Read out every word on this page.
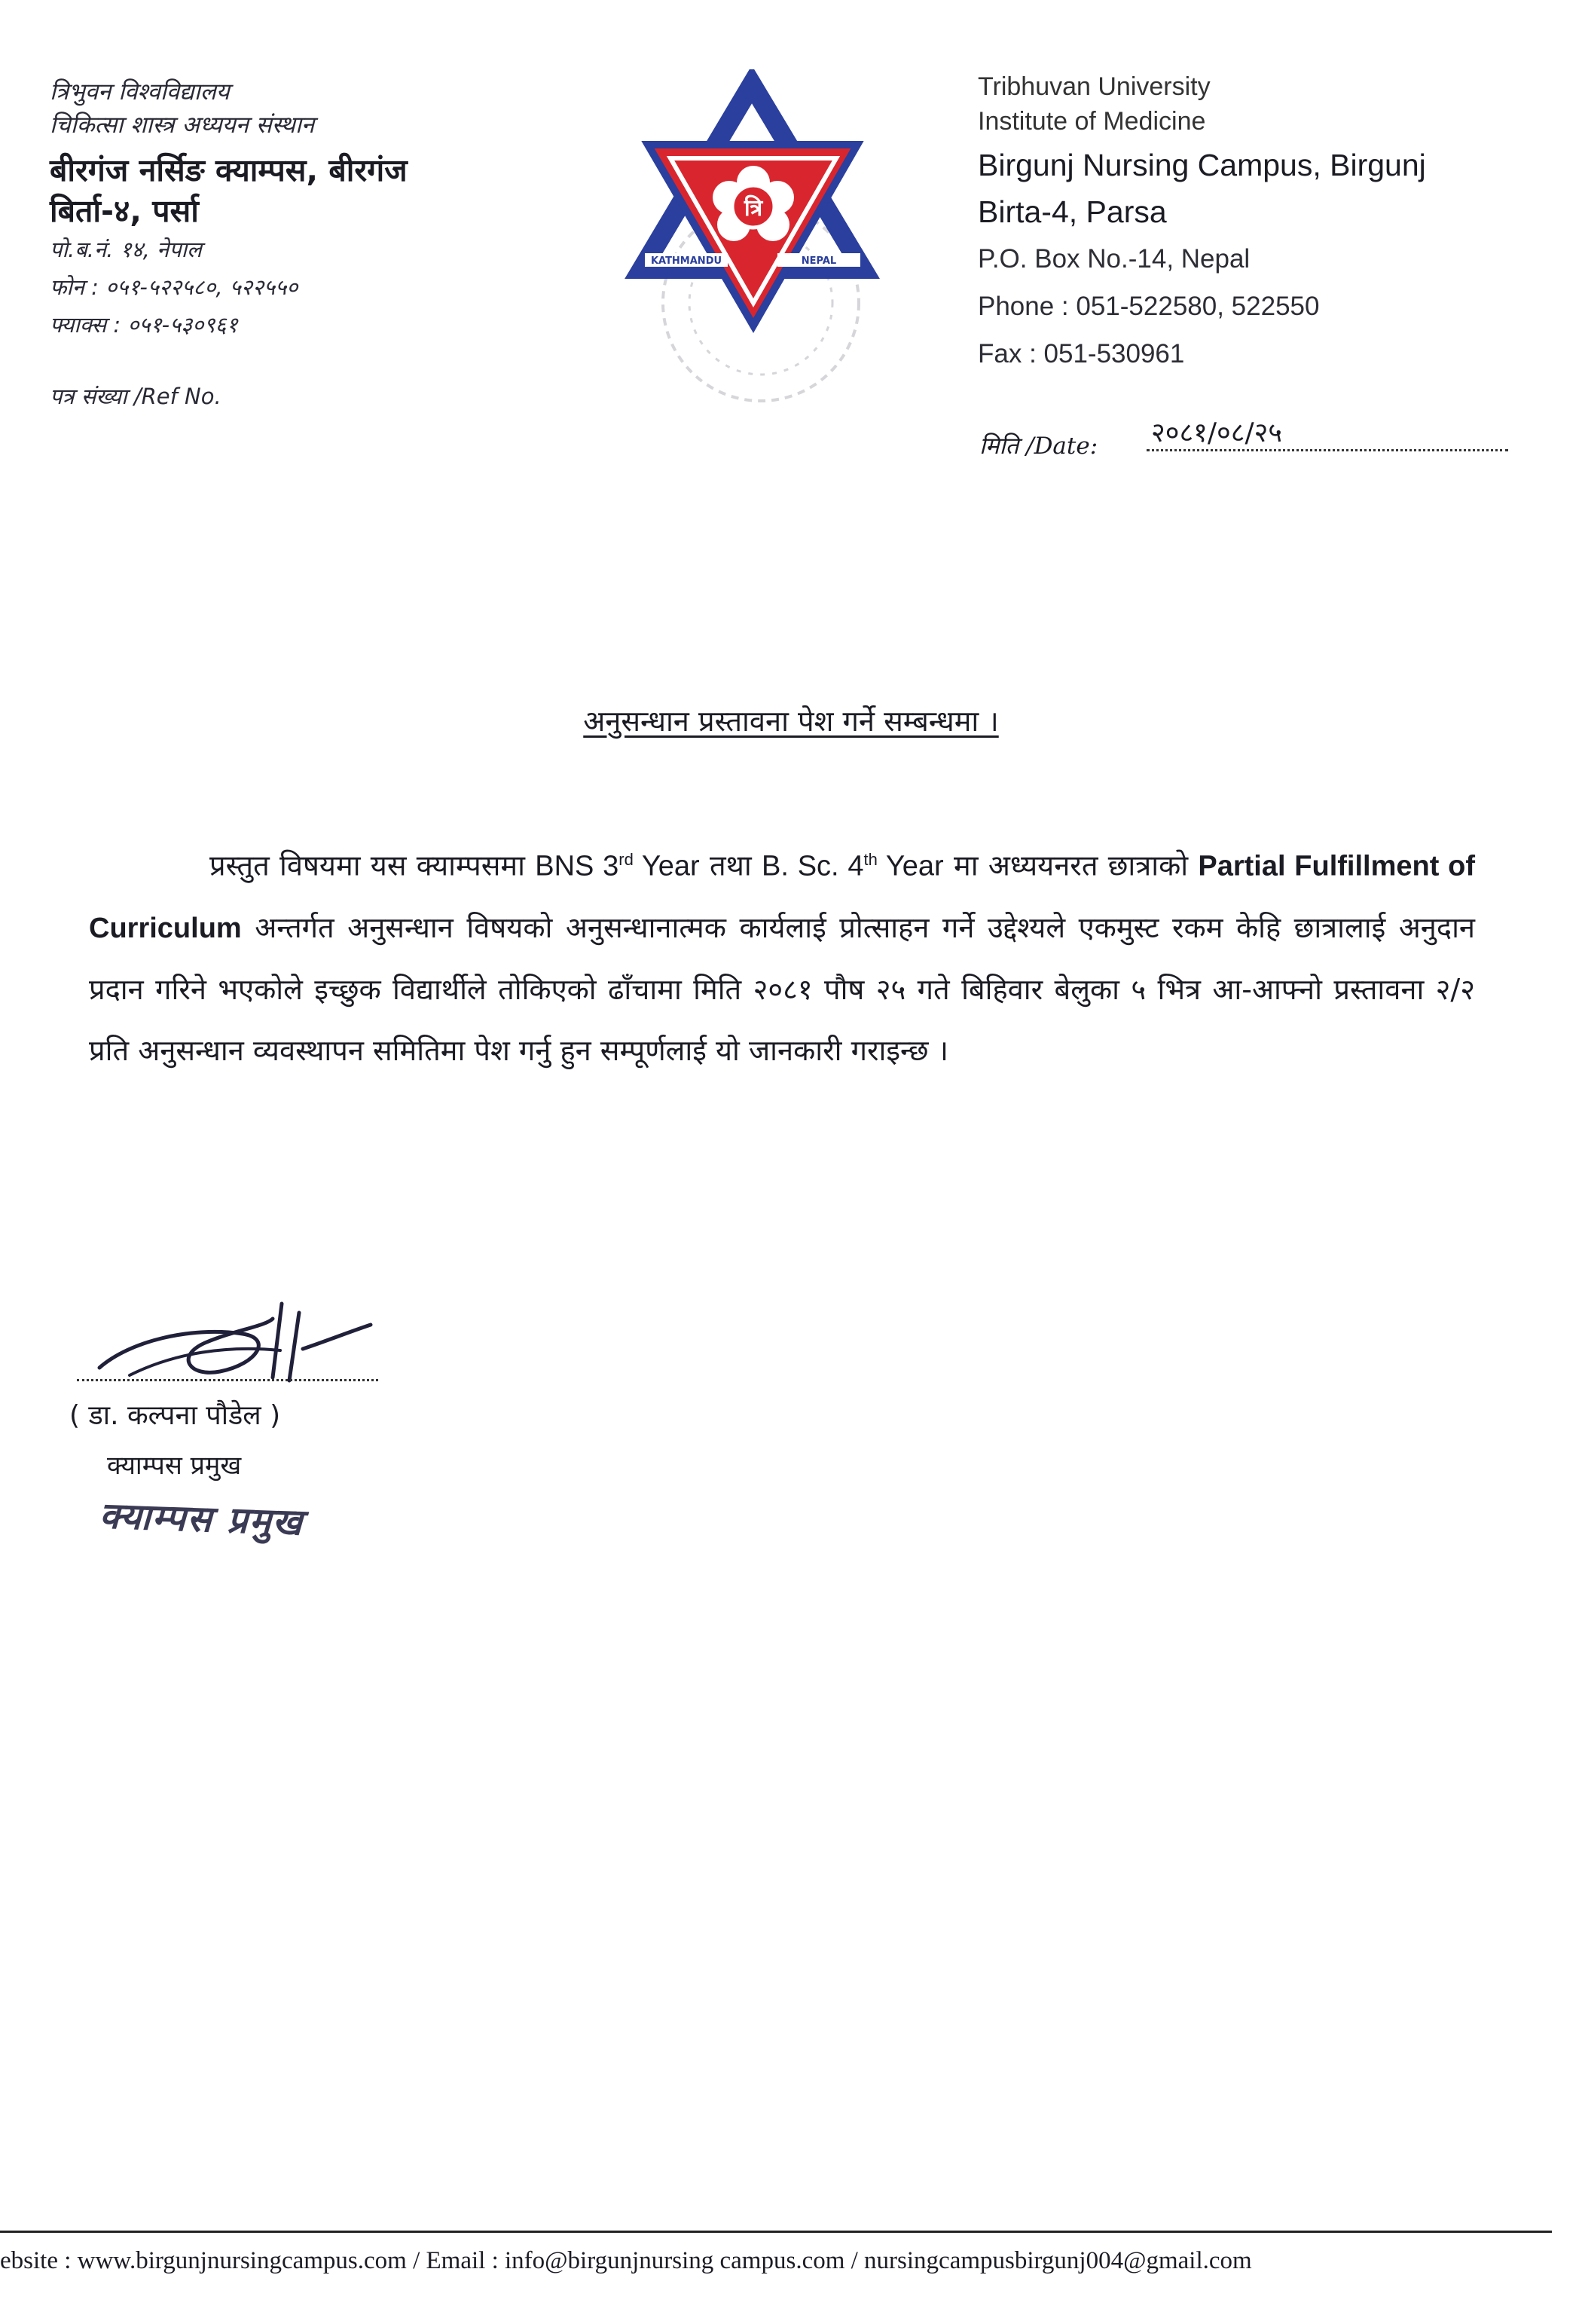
त्रिभुवन विश्वविद्यालय
चिकित्सा शास्त्र अध्ययन संस्थान
बीरगंज नर्सिङ क्याम्पस, बीरगंज
बिर्ता-४, पर्सा
पो.ब.नं. १४, नेपाल
फोन : ०५१-५२२५८०, ५२२५५०
फ्याक्स : ०५१-५३०९६१
पत्र संख्या /Ref No.
KATHMANDU	NEPAL
त्रि
Tribhuvan University
Institute of Medicine
Birgunj Nursing Campus, Birgunj
Birta-4, Parsa
P.O. Box No.-14, Nepal
Phone : 051-522580, 522550
Fax : 051-530961
मिति /Date: २०८१/०८/२५
अनुसन्धान प्रस्तावना पेश गर्ने सम्बन्धमा ।
प्रस्तुत विषयमा यस क्याम्पसमा BNS 3rd Year तथा B. Sc. 4th Year मा अध्ययनरत छात्राको Partial Fulfillment of Curriculum अन्तर्गत अनुसन्धान विषयको अनुसन्धानात्मक कार्यलाई प्रोत्साहन गर्ने उद्देश्यले एकमुस्ट रकम केहि छात्रालाई अनुदान प्रदान गरिने भएकोले इच्छुक विद्यार्थीले तोकिएको ढाँचामा मिति २०८१ पौष २५ गते बिहिवार बेलुका ५ भित्र आ-आफ्नो प्रस्तावना २/२ प्रति अनुसन्धान व्यवस्थापन समितिमा पेश गर्नु हुन सम्पूर्णलाई यो जानकारी गराइन्छ ।
( डा. कल्पना पौडेल )
क्याम्पस प्रमुख
क्याम्पस प्रमुख
ebsite : www.birgunjnursingcampus.com / Email : info@birgunjnursing campus.com / nursingcampusbirgunj004@gmail.com
